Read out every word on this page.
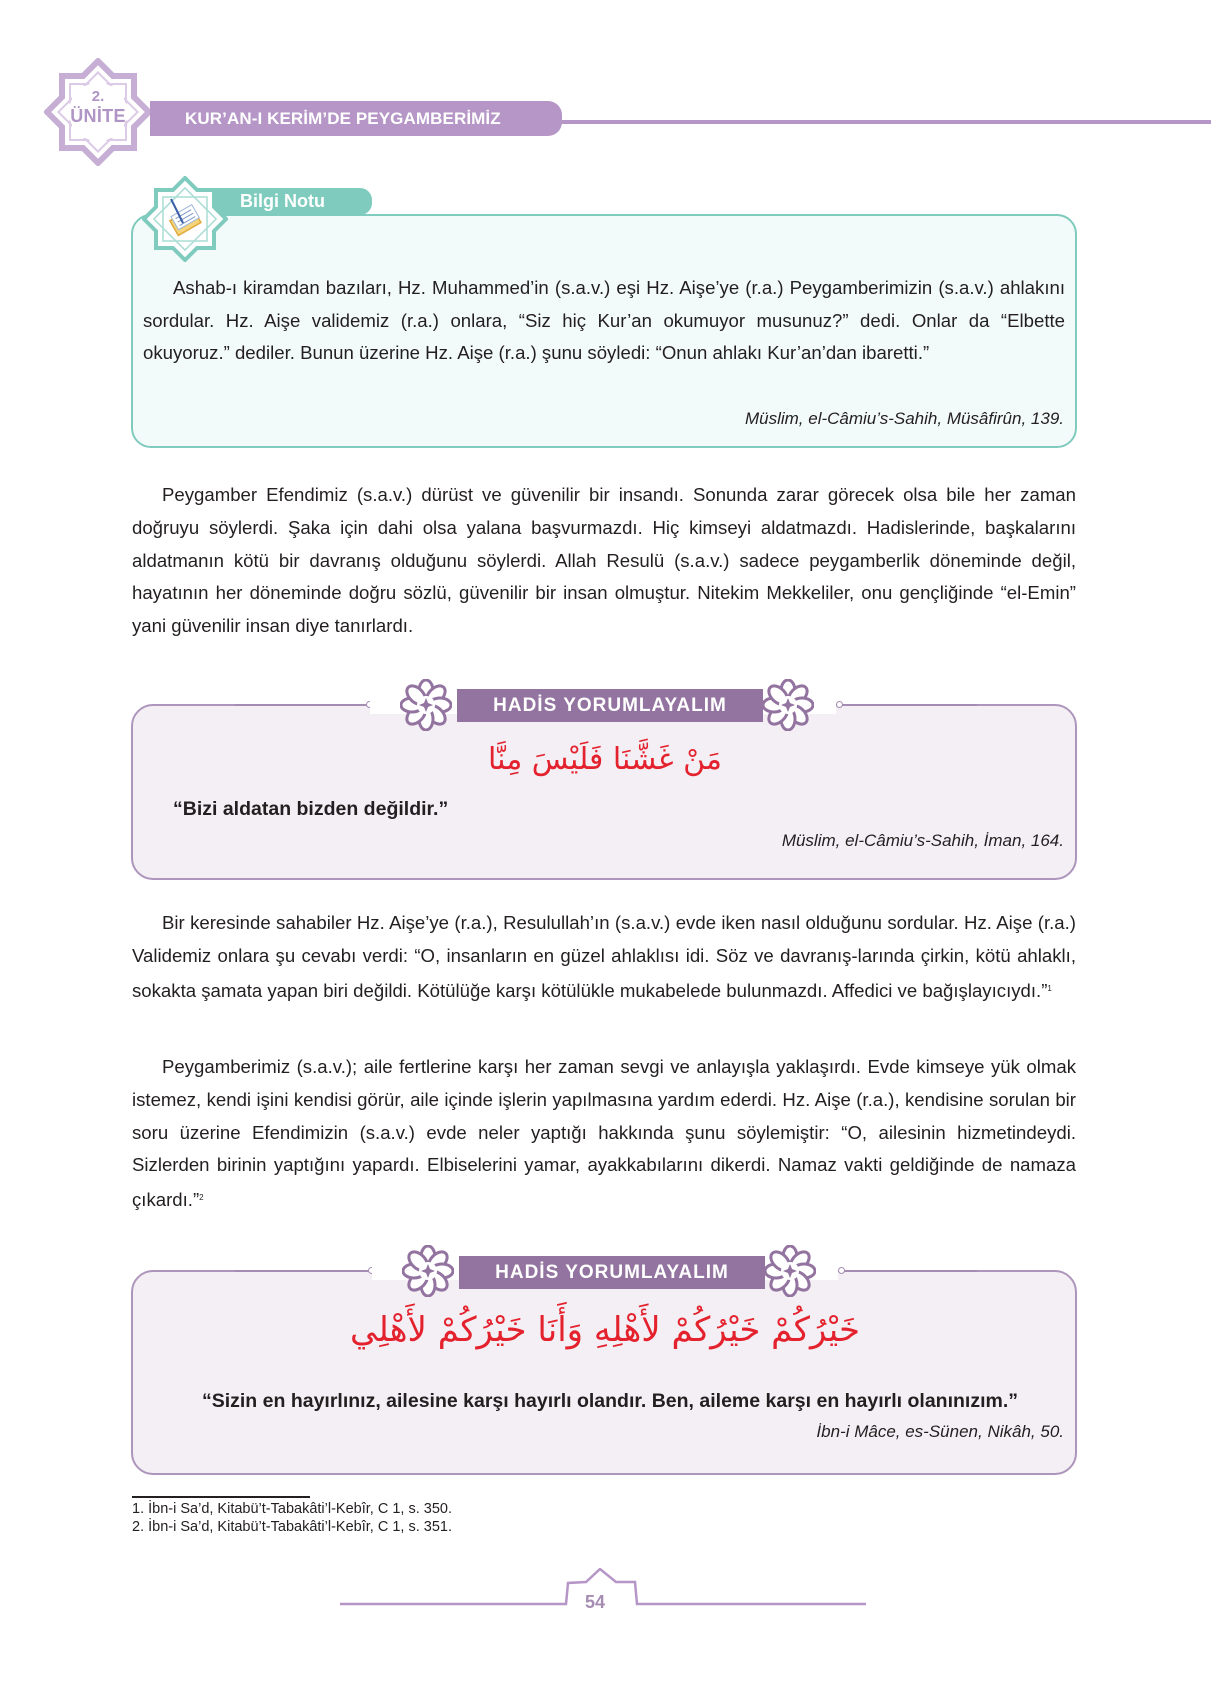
2.
ÜNİTE	KUR’AN-I KERİM’DE PEYGAMBERİMİZ
Bilgi Notu
Ashab-ı kiramdan bazıları, Hz. Muhammed’in (s.a.v.) eşi Hz. Aişe’ye (r.a.) Peygamberimizin (s.a.v.) ahlakını sordular. Hz. Aişe validemiz (r.a.) onlara, “Siz hiç Kur’an okumuyor musunuz?” dedi. Onlar da “Elbette okuyoruz.” dediler. Bunun üzerine Hz. Aişe (r.a.) şunu söyledi: “Onun ahlakı Kur’an’dan ibaretti.”
Müslim, el-Câmiu’s-Sahih, Müsâfirûn, 139.
Peygamber Efendimiz (s.a.v.) dürüst ve güvenilir bir insandı. Sonunda zarar görecek olsa bile her zaman doğruyu söylerdi. Şaka için dahi olsa yalana başvurmazdı. Hiç kimseyi aldatmazdı. Hadislerinde, başkalarını aldatmanın kötü bir davranış olduğunu söylerdi. Allah Resulü (s.a.v.) sadece peygamberlik döneminde değil, hayatının her döneminde doğru sözlü, güvenilir bir insan olmuştur. Nitekim Mekkeliler, onu gençliğinde “el-Emin” yani güvenilir insan diye tanırlardı.
HADİS YORUMLAYALIM
مَنْ غَشَّنَا فَلَيْسَ مِنَّا
“Bizi aldatan bizden değildir.”
Müslim, el-Câmiu’s-Sahih, İman, 164.
Bir keresinde sahabiler Hz. Aişe’ye (r.a.), Resulullah’ın (s.a.v.) evde iken nasıl olduğunu sordular. Hz. Aişe (r.a.) Validemiz onlara şu cevabı verdi: “O, insanların en güzel ahlaklısı idi. Söz ve davranış-larında çirkin, kötü ahlaklı, sokakta şamata yapan biri değildi. Kötülüğe karşı kötülükle mukabelede bulunmazdı. Affedici ve bağışlayıcıydı.”$^1$
Peygamberimiz (s.a.v.); aile fertlerine karşı her zaman sevgi ve anlayışla yaklaşırdı. Evde kimseye yük olmak istemez, kendi işini kendisi görür, aile içinde işlerin yapılmasına yardım ederdi. Hz. Aişe (r.a.), kendisine sorulan bir soru üzerine Efendimizin (s.a.v.) evde neler yaptığı hakkında şunu söylemiştir: “O, ailesinin hizmetindeydi. Sizlerden birinin yaptığını yapardı. Elbiselerini yamar, ayakkabılarını dikerdi. Namaz vakti geldiğinde de namaza çıkardı.”$^2$
HADİS YORUMLAYALIM
خَيْرُكُمْ خَيْرُكُمْ لأَهْلِهِ وَأَنَا خَيْرُكُمْ لأَهْلِي
“Sizin en hayırlınız, ailesine karşı hayırlı olandır. Ben, aileme karşı en hayırlı olanınızım.”
İbn-i Mâce, es-Sünen, Nikâh, 50.
1. İbn-i Sa’d, Kitabü’t-Tabakâti’l-Kebîr, C 1, s. 350.
2. İbn-i Sa’d, Kitabü’t-Tabakâti’l-Kebîr, C 1, s. 351.
54
